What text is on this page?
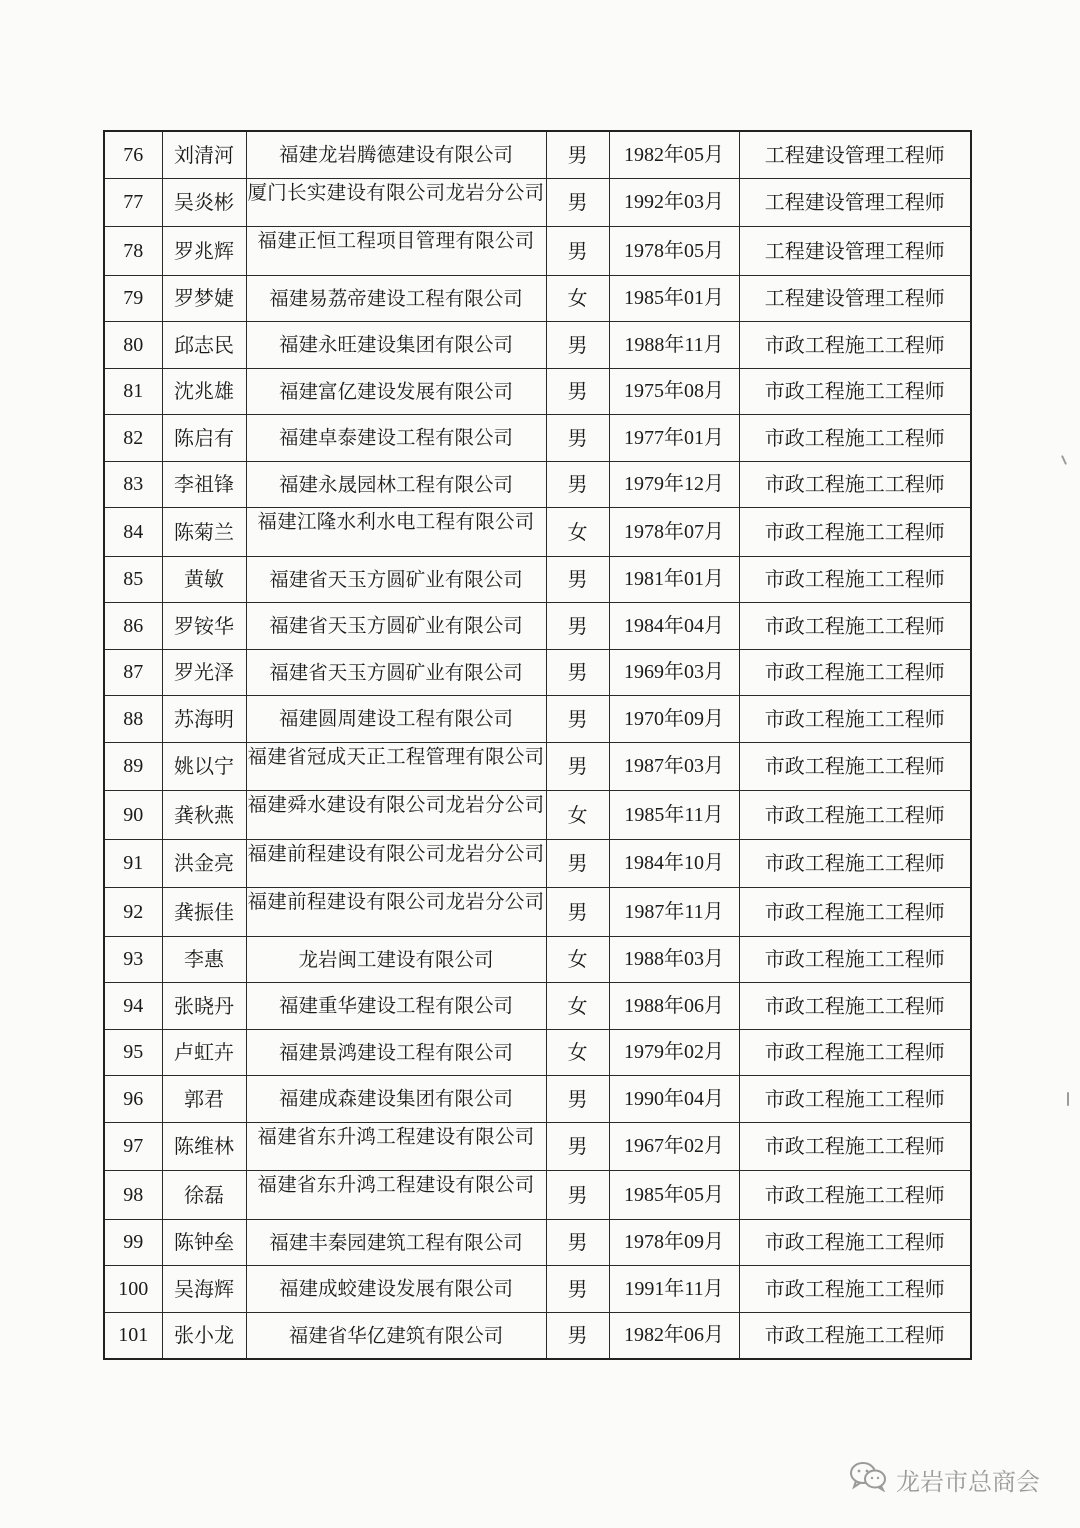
76	刘清河	福建龙岩腾德建设有限公司	男	1982年05月	工程建设管理工程师
77	吴炎彬	厦门长实建设有限公司龙岩分公司	男	1992年03月	工程建设管理工程师
78	罗兆辉	福建正恒工程项目管理有限公司	男	1978年05月	工程建设管理工程师
79	罗梦婕	福建易荔帝建设工程有限公司	女	1985年01月	工程建设管理工程师
80	邱志民	福建永旺建设集团有限公司	男	1988年11月	市政工程施工工程师
81	沈兆雄	福建富亿建设发展有限公司	男	1975年08月	市政工程施工工程师
82	陈启有	福建卓泰建设工程有限公司	男	1977年01月	市政工程施工工程师
83	李祖锋	福建永晟园林工程有限公司	男	1979年12月	市政工程施工工程师
84	陈菊兰	福建江隆水利水电工程有限公司	女	1978年07月	市政工程施工工程师
85	黄敏	福建省天玉方圆矿业有限公司	男	1981年01月	市政工程施工工程师
86	罗铵华	福建省天玉方圆矿业有限公司	男	1984年04月	市政工程施工工程师
87	罗光泽	福建省天玉方圆矿业有限公司	男	1969年03月	市政工程施工工程师
88	苏海明	福建圆周建设工程有限公司	男	1970年09月	市政工程施工工程师
89	姚以宁	福建省冠成天正工程管理有限公司	男	1987年03月	市政工程施工工程师
90	龚秋燕	福建舜水建设有限公司龙岩分公司	女	1985年11月	市政工程施工工程师
91	洪金亮	福建前程建设有限公司龙岩分公司	男	1984年10月	市政工程施工工程师
92	龚振佳	福建前程建设有限公司龙岩分公司	男	1987年11月	市政工程施工工程师
93	李惠	龙岩闽工建设有限公司	女	1988年03月	市政工程施工工程师
94	张晓丹	福建重华建设工程有限公司	女	1988年06月	市政工程施工工程师
95	卢虹卉	福建景鸿建设工程有限公司	女	1979年02月	市政工程施工工程师
96	郭君	福建成森建设集团有限公司	男	1990年04月	市政工程施工工程师
97	陈维林	福建省东升鸿工程建设有限公司	男	1967年02月	市政工程施工工程师
98	徐磊	福建省东升鸿工程建设有限公司	男	1985年05月	市政工程施工工程师
99	陈钟垒	福建丰秦园建筑工程有限公司	男	1978年09月	市政工程施工工程师
100	吴海辉	福建成蛟建设发展有限公司	男	1991年11月	市政工程施工工程师
101	张小龙	福建省华亿建筑有限公司	男	1982年06月	市政工程施工工程师
龙岩市总商会
